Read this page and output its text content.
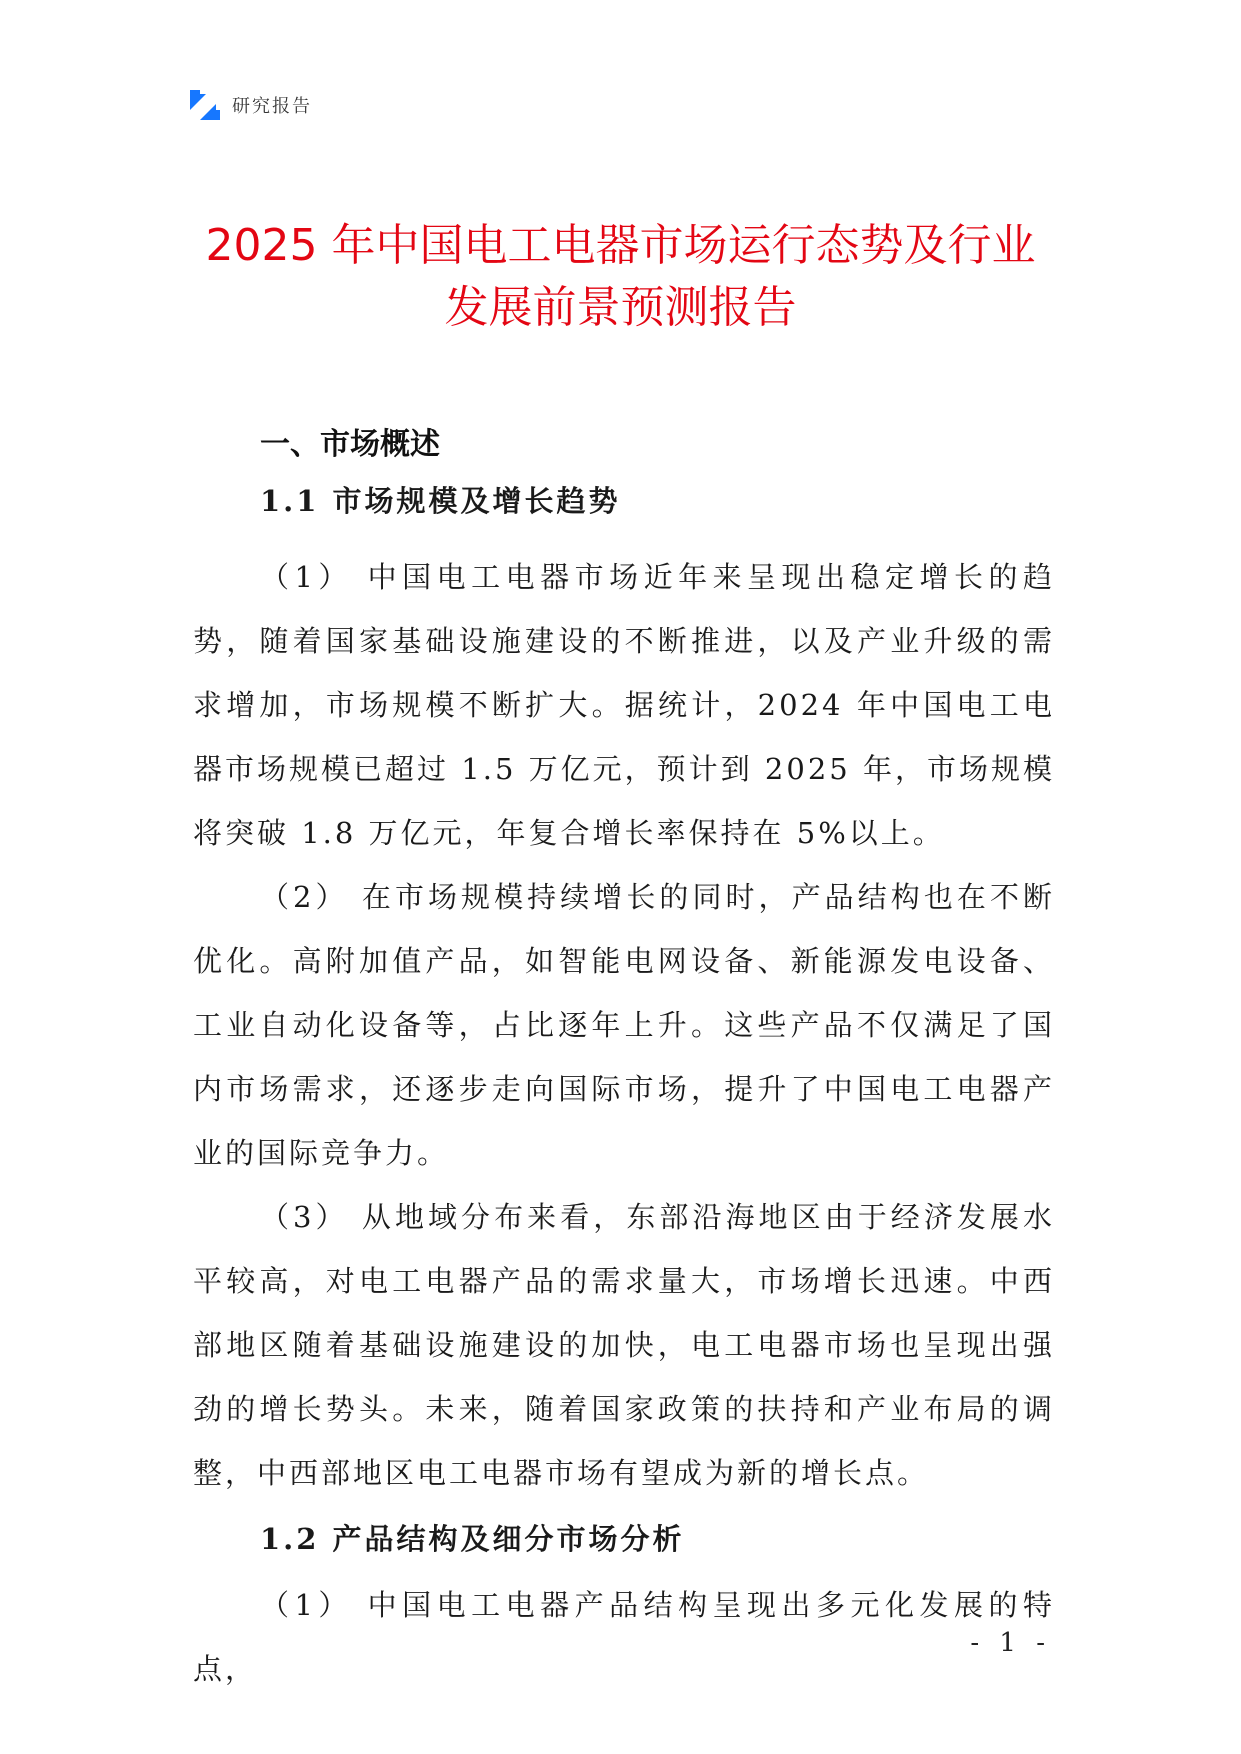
研究报告
2025 年中国电工电器市场运行态势及行业
发展前景预测报告
一、市场概述
1.1 市场规模及增长趋势

（1） 中国电工电器市场近年来呈现出稳定增长的趋势，随着国家基础设施建设的不断推进，以及产业升级的需求增加，市场规模不断扩大。据统计，2024 年中国电工电器市场规模已超过 1.5 万亿元，预计到 2025 年，市场规模将突破 1.8 万亿元，年复合增长率保持在 5%以上。

（2） 在市场规模持续增长的同时，产品结构也在不断优化。高附加值产品，如智能电网设备、新能源发电设备、工业自动化设备等，占比逐年上升。这些产品不仅满足了国内市场需求，还逐步走向国际市场，提升了中国电工电器产业的国际竞争力。

（3） 从地域分布来看，东部沿海地区由于经济发展水平较高，对电工电器产品的需求量大，市场增长迅速。中西部地区随着基础设施建设的加快，电工电器市场也呈现出强劲的增长势头。未来，随着国家政策的扶持和产业布局的调整，中西部地区电工电器市场有望成为新的增长点。

1.2 产品结构及细分市场分析

（1） 中国电工电器产品结构呈现出多元化发展的特点，

- 1 -
